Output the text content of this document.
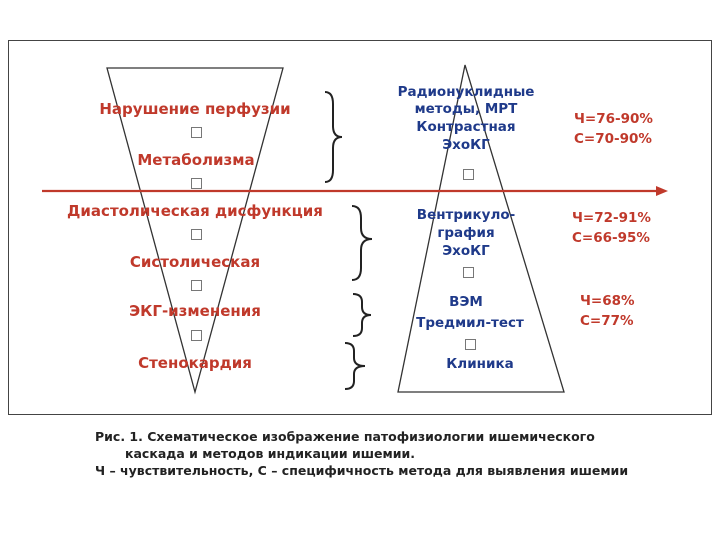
Нарушение перфузии
Метаболизма
Диастолическая дисфункция
Систолическая
ЭКГ-изменения
Стенокардия
Радионуклидные
методы, МРТ
Контрастная
ЭхоКГ
Вентрикуло-
графия
ЭхоКГ
ВЭМ
Тредмил-тест
Клиника
Ч=76-90%
С=70-90%
Ч=72-91%
С=66-95%
Ч=68%
С=77%
Рис. 1. Схематическое изображение патофизиологии ишемического
каскада и методов индикации ишемии.
Ч – чувствительность, С – специфичность метода для выявления ишемии
